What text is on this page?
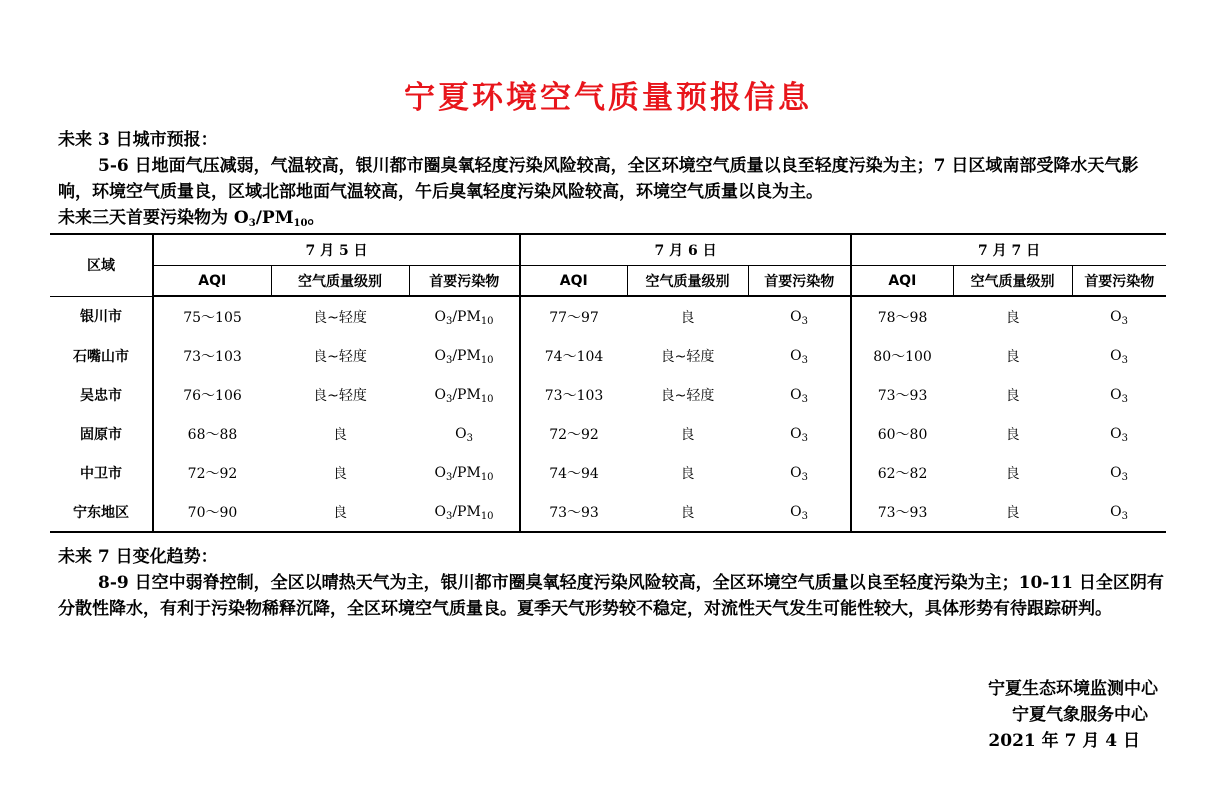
宁夏环境空气质量预报信息
未来 3 日城市预报：
5-6 日地面气压减弱，气温较高，银川都市圈臭氧轻度污染风险较高，全区环境空气质量以良至轻度污染为主；7 日区域南部受降水天气影响，环境空气质量良，区域北部地面气温较高，午后臭氧轻度污染风险较高，环境空气质量以良为主。
未来三天首要污染物为 $O_3/PM_{10}$。
区域	7 月 5 日			7 月 6 日			7 月 7 日		
	AQI	空气质量级别	首要污染物	AQI	空气质量级别	首要污染物	AQI	空气质量级别	首要污染物
银川市	75～105	良~轻度	$O_3/PM_{10}$	77～97	良	$O_3$	78～98	良	$O_3$
石嘴山市	73～103	良~轻度	$O_3/PM_{10}$	74～104	良~轻度	$O_3$	80～100	良	$O_3$
吴忠市	76～106	良~轻度	$O_3/PM_{10}$	73～103	良~轻度	$O_3$	73～93	良	$O_3$
固原市	68～88	良	$O_3$	72～92	良	$O_3$	60～80	良	$O_3$
中卫市	72～92	良	$O_3/PM_{10}$	74～94	良	$O_3$	62～82	良	$O_3$
宁东地区	70～90	良	$O_3/PM_{10}$	73～93	良	$O_3$	73～93	良	$O_3$
未来 7 日变化趋势：
8-9 日空中弱脊控制，全区以晴热天气为主，银川都市圈臭氧轻度污染风险较高，全区环境空气质量以良至轻度污染为主；10-11 日全区阴有分散性降水，有利于污染物稀释沉降，全区环境空气质量良。夏季天气形势较不稳定，对流性天气发生可能性较大，具体形势有待跟踪研判。
宁夏生态环境监测中心
宁夏气象服务中心
2021 年 7 月 4 日
